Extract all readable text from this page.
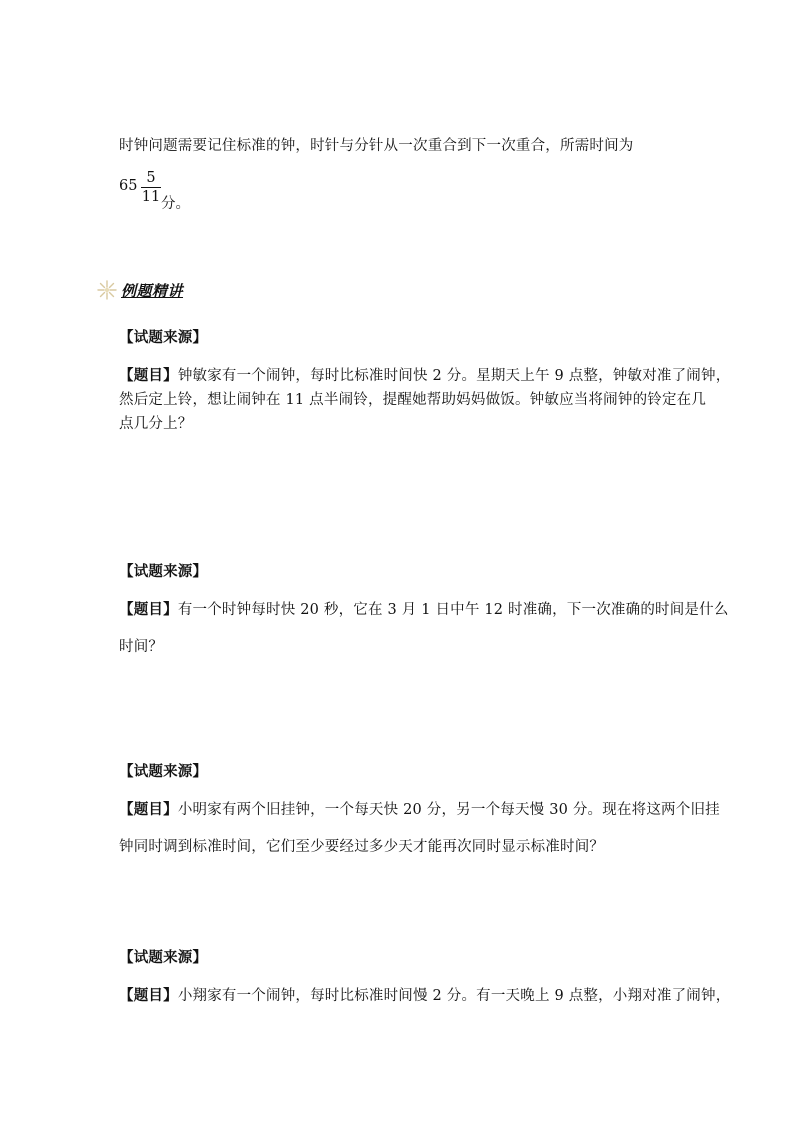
时钟问题需要记住标准的钟，时针与分针从一次重合到下一次重合，所需时间为
65 5
11 分。
例题精讲
【试题来源】
【题目】钟敏家有一个闹钟，每时比标准时间快 2 分。星期天上午 9 点整，钟敏对准了闹钟，
然后定上铃，想让闹钟在 11 点半闹铃，提醒她帮助妈妈做饭。钟敏应当将闹钟的铃定在几
点几分上？
【试题来源】
【题目】有一个时钟每时快 20 秒，它在 3 月 1 日中午 12 时准确，下一次准确的时间是什么
时间？
【试题来源】
【题目】小明家有两个旧挂钟，一个每天快 20 分，另一个每天慢 30 分。现在将这两个旧挂
钟同时调到标准时间，它们至少要经过多少天才能再次同时显示标准时间？
【试题来源】
【题目】小翔家有一个闹钟，每时比标准时间慢 2 分。有一天晚上 9 点整，小翔对准了闹钟，
